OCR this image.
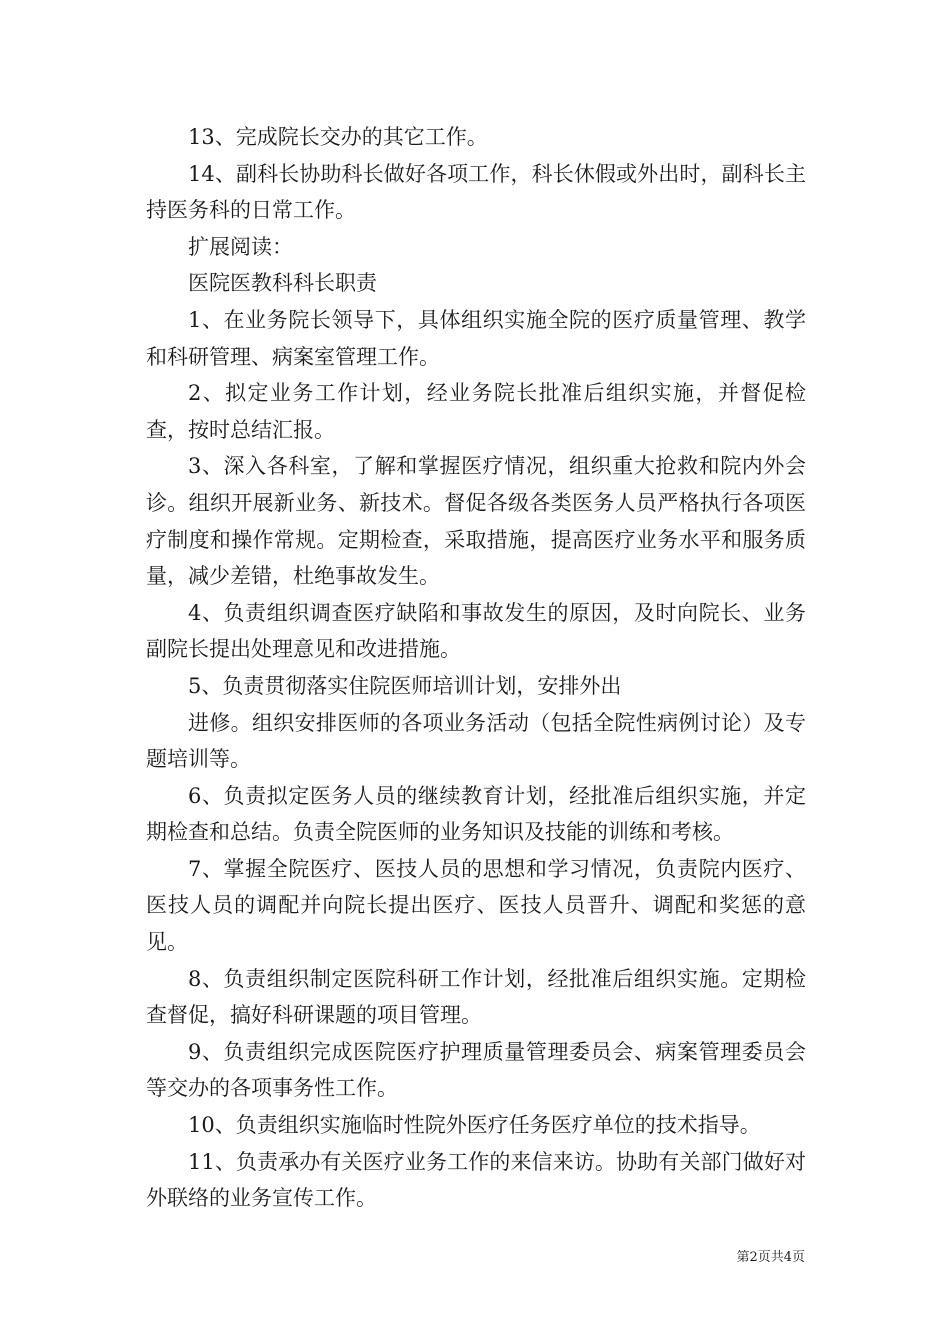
13、完成院长交办的其它工作。

14、副科长协助科长做好各项工作，科长休假或外出时，副科长主持医务科的日常工作。

扩展阅读：

医院医教科科长职责

1、在业务院长领导下，具体组织实施全院的医疗质量管理、教学和科研管理、病案室管理工作。

2、拟定业务工作计划，经业务院长批准后组织实施，并督促检查，按时总结汇报。

3、深入各科室，了解和掌握医疗情况，组织重大抢救和院内外会诊。组织开展新业务、新技术。督促各级各类医务人员严格执行各项医疗制度和操作常规。定期检查，采取措施，提高医疗业务水平和服务质量，减少差错，杜绝事故发生。

4、负责组织调查医疗缺陷和事故发生的原因，及时向院长、业务副院长提出处理意见和改进措施。

5、负责贯彻落实住院医师培训计划，安排外出

进修。组织安排医师的各项业务活动（包括全院性病例讨论）及专题培训等。

6、负责拟定医务人员的继续教育计划，经批准后组织实施，并定期检查和总结。负责全院医师的业务知识及技能的训练和考核。

7、掌握全院医疗、医技人员的思想和学习情况，负责院内医疗、医技人员的调配并向院长提出医疗、医技人员晋升、调配和奖惩的意见。

8、负责组织制定医院科研工作计划，经批准后组织实施。定期检查督促，搞好科研课题的项目管理。

9、负责组织完成医院医疗护理质量管理委员会、病案管理委员会等交办的各项事务性工作。

10、负责组织实施临时性院外医疗任务医疗单位的技术指导。

11、负责承办有关医疗业务工作的来信来访。协助有关部门做好对外联络的业务宣传工作。

第2页共4页
